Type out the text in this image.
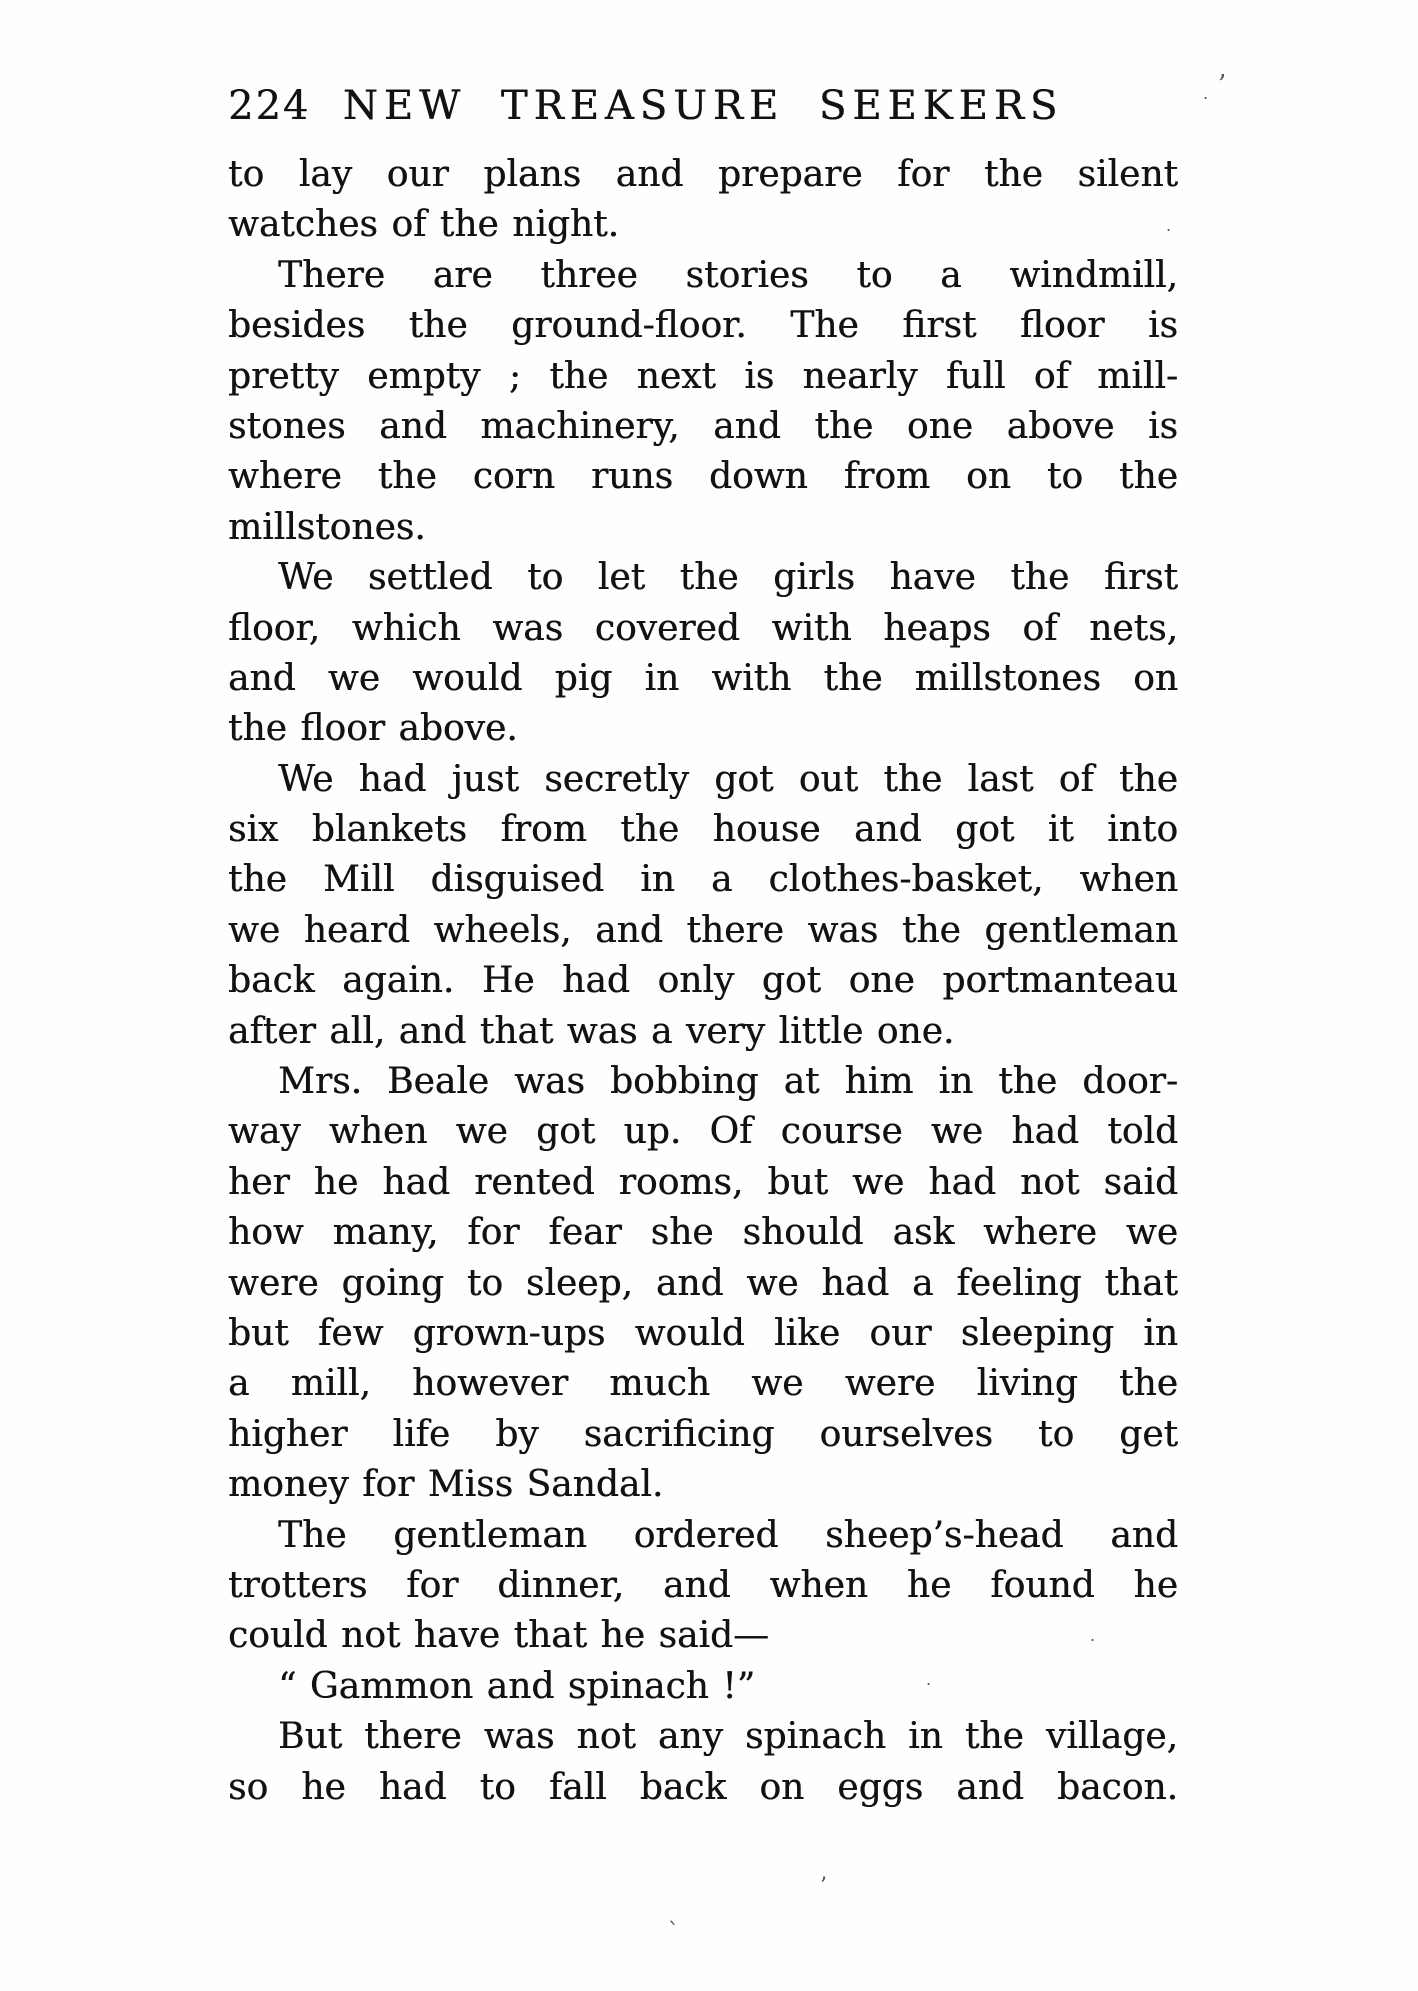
224 NEW TREASURE SEEKERS
to lay our plans and prepare for the silent
watches of the night.
There are three stories to a windmill,
besides the ground-floor. The first floor is
pretty empty ; the next is nearly full of mill-
stones and machinery, and the one above is
where the corn runs down from on to the
millstones.
We settled to let the girls have the first
floor, which was covered with heaps of nets,
and we would pig in with the millstones on
the floor above.
We had just secretly got out the last of the
six blankets from the house and got it into
the Mill disguised in a clothes-basket, when
we heard wheels, and there was the gentleman
back again. He had only got one portmanteau
after all, and that was a very little one.
Mrs. Beale was bobbing at him in the door-
way when we got up. Of course we had told
her he had rented rooms, but we had not said
how many, for fear she should ask where we
were going to sleep, and we had a feeling that
but few grown-ups would like our sleeping in
a mill, however much we were living the
higher life by sacrificing ourselves to get
money for Miss Sandal.
The gentleman ordered sheep’s-head and
trotters for dinner, and when he found he
could not have that he said—
“ Gammon and spinach !”
But there was not any spinach in the village,
so he had to fall back on eggs and bacon.
’
.
.
.
.
’
`
